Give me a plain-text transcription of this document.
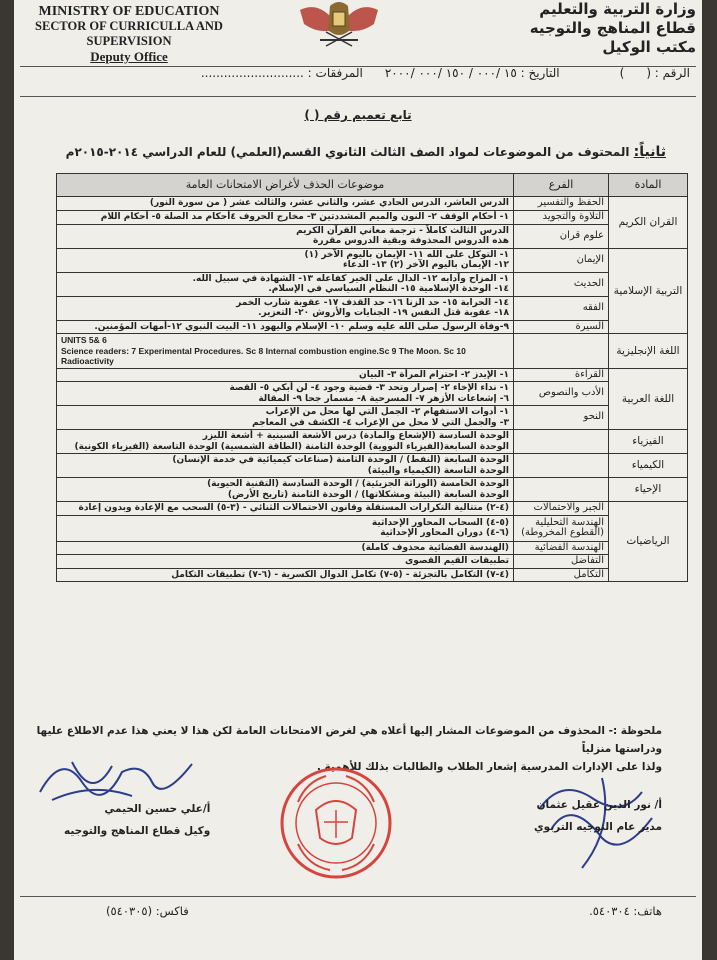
MINISTRY OF EDUCATION
SECTOR OF CURRICULLA AND
SUPERVISION
Deputy Office
وزارة التربية والتعليم
قطاع المناهج والتوجيه
مكتب الوكيل
الرقم : ()التاريخ : ١٥ /٠٠٠ / ١٥٠ /٠٠٠ /٢٠٠٠المرفقات : ...........................
تابع تعميم رقم ( )
ثانياً: المحتوف من الموضوعات لمواد الصف الثالث الثانوي القسم(العلمي) للعام الدراسي ٢٠١٤-٢٠١٥م
المادة	الفرع	موضوعات الحذف لأغراض الامتحانات العامة
القران الكريم	الحفظ والتفسير	الدرس العاشر، الدرس الحادي عشر، والثاني عشر، والثالث عشر ( من سورة النور)
	التلاوة والتجويد	١- أحكام الوقف ٢- النون والميم المشددتين ٣- مخارج الحروف ٤أحكام مد الصلة ٥- أحكام اللام
	علوم قران	الدرس الثالث كاملاً - ترجمة معاني القرآن الكريم
هذه الدروس المحذوفة وبقية الدروس مقررة
التربية الإسلامية	الإيمان	١- التوكل على الله ١١- الإيمان باليوم الآخر (١)
١٢- الإيمان باليوم الآخر (٢) ١٣- الدعاء
	الحديث	١- المزاح وآدابه ١٢- الدال على الخير كفاعله ١٣- الشهادة في سبيل الله.
١٤- الوحدة الإسلامية ١٥- النظام السياسي في الإسلام.
	الفقه	١٤- الحرابة ١٥- حد الزنا ١٦- حد القذف ١٧- عقوبة شارب الخمر
١٨- عقوبة قتل النفس ١٩- الجنايات والأروش ٢٠- التعزير.
	السيرة	٩-وفاة الرسول صلى الله عليه وسلم ١٠- الإسلام واليهود ١١- البيت النبوي ١٢-أمهات المؤمنين.
اللغة الإنجليزية		UNITS 5& 6
Science readers: 7 Experimental Procedures. Sc 8 Internal combustion engine.Sc 9 The Moon. Sc 10 Radioactivity
اللغة العربية	القراءة	١- الإيدز ٢- احترام المرأة ٣- البيان
	الأدب والنصوص	١- نداء الإخاء ٢- إصرار وتحد ٣- قضية وجود ٤- لن أبكي ٥- القصة
٦- إشعاعات الأزهر ٧- المسرحية ٨- مسمار جحا ٩- المقالة
	النحو	١- أدوات الاستفهام ٢- الجمل التي لها محل من الإعراب
٣- والجمل التي لا محل من الإعراب ٤- الكشف في المعاجم
الفيزياء		الوحدة السادسة (الإشعاع والمادة) درس الأشعة السينية + أشعة الليزر
الوحدة السابعة(الفيزياء النووية) الوحدة الثامنة (الطاقة الشمسية) الوحدة التاسعة (الفيزياء الكونية)
الكيمياء		الوحدة السابعة (النفط) / الوحدة الثامنة (صناعات كيميائية في خدمة الإنسان)
الوحدة التاسعة (الكيمياء والبيئة)
الإحياء		الوحدة الخامسة (الوراثة الجزيئية) / الوحدة السادسة (التقنية الحيوية)
الوحدة السابعة (البيئة ومشكلاتها) / الوحدة الثامنة (تاريخ الأرض)
الرياضيات	الجبر والاحتمالات	(٤-٢) متتالية التكرارات المستقلة وقانون الاحتمالات الثنائي - (٣-٥) السحب مع الإعادة وبدون إعادة
	الهندسة التحليلية (القطوع المخروطة)	(٥-٤) السحاب المحاور الإحداثية
(٦-٤) دوران المحاور الإحداثية
	الهندسة الفضائية	(الهندسة الفضائية محذوف كاملة)
	التفاضل	تطبيقات القيم القصوى
	التكامل	(٤-٧) التكامل بالتجزئة - (٥-٧) تكامل الدوال الكسرية - (٦-٧) تطبيقات التكامل
ملحوظة :- المحذوف من الموضوعات المشار إليها أعلاه هي لغرض الامتحانات العامة لكن هذا لا يعني هذا عدم الاطلاع عليها ودراستها منزلياً
ولذا على الإدارات المدرسية إشعار الطلاب والطالبات بذلك للأهمية .
أ/علي حسين الحيمي
وكيل قطاع المناهج والتوجيه
أ/ نور الدين عقيل عثمان
مدير عام التوجيه التربوي
فاكس: (٥٤٠٣٠٥)	هاتف: ٥٤٠٣٠٤.
